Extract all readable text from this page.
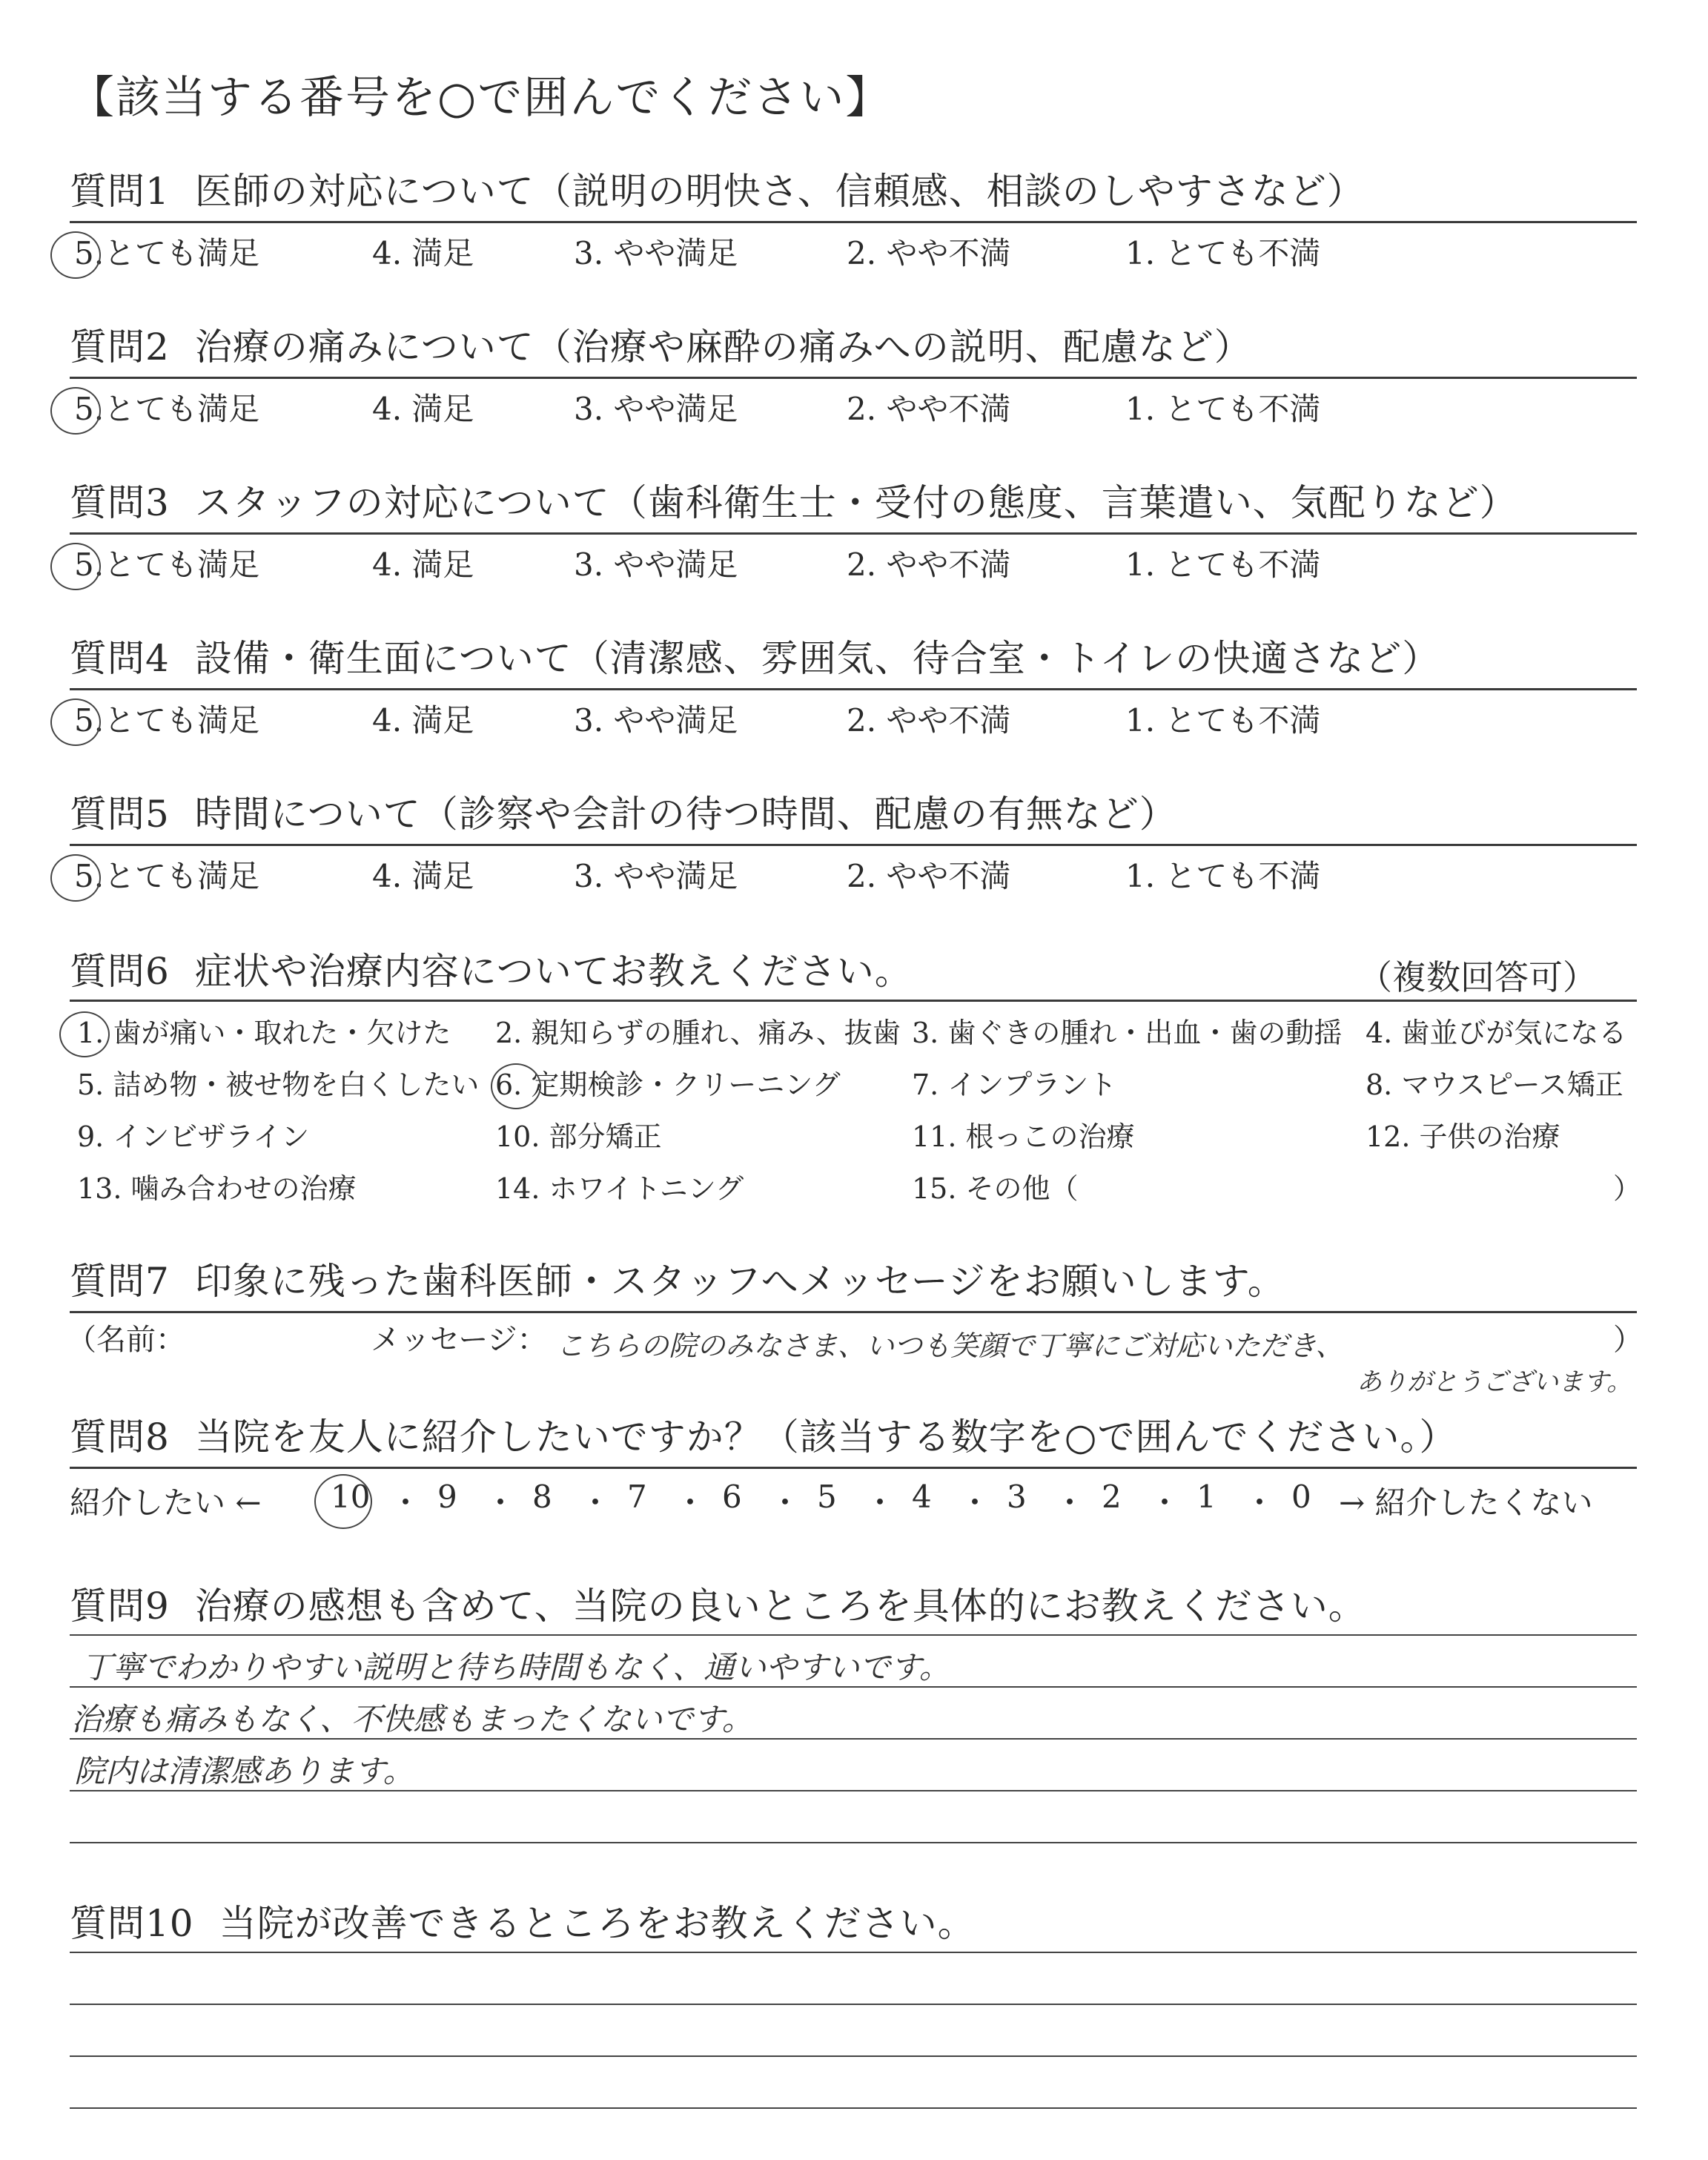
【該当する番号を○で囲んでください】
質問1 医師の対応について（説明の明快さ、信頼感、相談のしやすさなど）
5.とても満足	4. 満足	3. やや満足	2. やや不満	1. とても不満
質問2 治療の痛みについて（治療や麻酔の痛みへの説明、配慮など）
5.とても満足	4. 満足	3. やや満足	2. やや不満	1. とても不満
質問3 スタッフの対応について（歯科衛生士・受付の態度、言葉遣い、気配りなど）
5.とても満足	4. 満足	3. やや満足	2. やや不満	1. とても不満
質問4 設備・衛生面について（清潔感、雰囲気、待合室・トイレの快適さなど）
5.とても満足	4. 満足	3. やや満足	2. やや不満	1. とても不満
質問5 時間について（診察や会計の待つ時間、配慮の有無など）
5.とても満足	4. 満足	3. やや満足	2. やや不満	1. とても不満
質問6 症状や治療内容についてお教えください。	（複数回答可）
1. 歯が痛い・取れた・欠けた 2. 親知らずの腫れ、痛み、抜歯 3. 歯ぐきの腫れ・出血・歯の動揺 4. 歯並びが気になる
5. 詰め物・被せ物を白くしたい 6. 定期検診・クリーニング	7. インプラント	8. マウスピース矯正
9. インビザライン	10. 部分矯正	11. 根っこの治療	12. 子供の治療
13. 噛み合わせの治療	14. ホワイトニング	15. その他（	）
質問7 印象に残った歯科医師・スタッフへメッセージをお願いします。
（名前：	メッセージ： こちらの院のみなさま、いつも笑顔で丁寧にご対応いただき、	）
ありがとうございます。
質問8 当院を友人に紹介したいですか？（該当する数字を○で囲んでください。）
紹介したい ← 10 ・ 9 ・ 8 ・ 7 ・ 6 ・ 5 ・ 4 ・ 3 ・ 2 ・ 1 ・ 0 → 紹介したくない
質問9 治療の感想も含めて、当院の良いところを具体的にお教えください。
丁寧でわかりやすい説明と待ち時間もなく、通いやすいです。
治療も痛みもなく、不快感もまったくないです。
院内は清潔感あります。
質問10 当院が改善できるところをお教えください。
